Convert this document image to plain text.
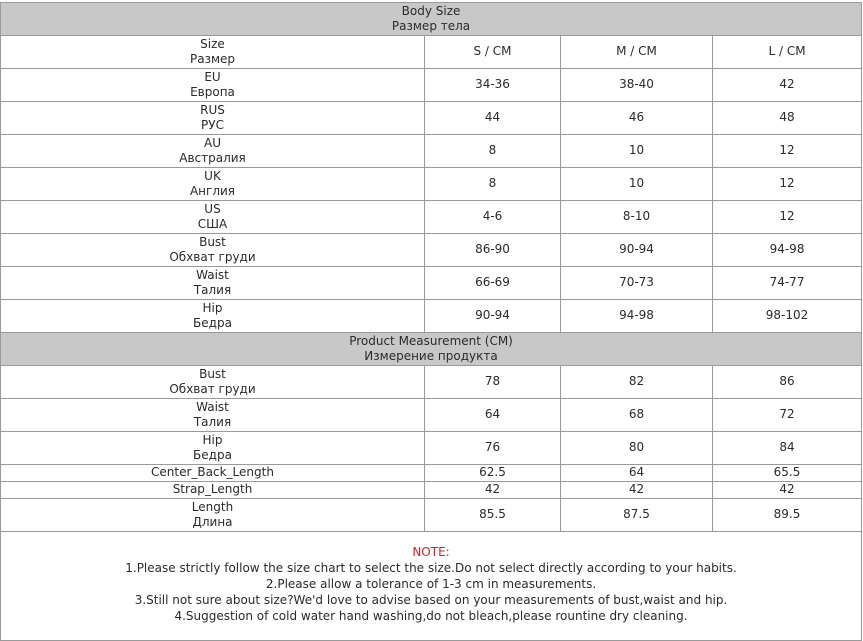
Body Size
Размер тела			

Size
Размер	S / CM	M / CM	L / CM

EU
Европа	34-36	38-40	42

RUS
РУС	44	46	48

AU
Австралия	8	10	12

UK
Англия	8	10	12

US
США	4-6	8-10	12

Bust
Обхват груди	86-90	90-94	94-98

Waist
Талия	66-69	70-73	74-77

Hip
Бедра	90-94	94-98	98-102

Product Measurement (CM)
Измерение продукта			

Bust
Обхват груди	78	82	86

Waist
Талия	64	68	72

Hip
Бедра	76	80	84

Center_Back_Length	62.5	64	65.5

Strap_Length	42	42	42

Length
Длина	85.5	87.5	89.5

NOTE:
1.Please strictly follow the size chart to select the size.Do not select directly according to your habits.
2.Please allow a tolerance of 1-3 cm in measurements.
3.Still not sure about size?We'd love to advise based on your measurements of bust,waist and hip.
4.Suggestion of cold water hand washing,do not bleach,please rountine dry cleaning.			
